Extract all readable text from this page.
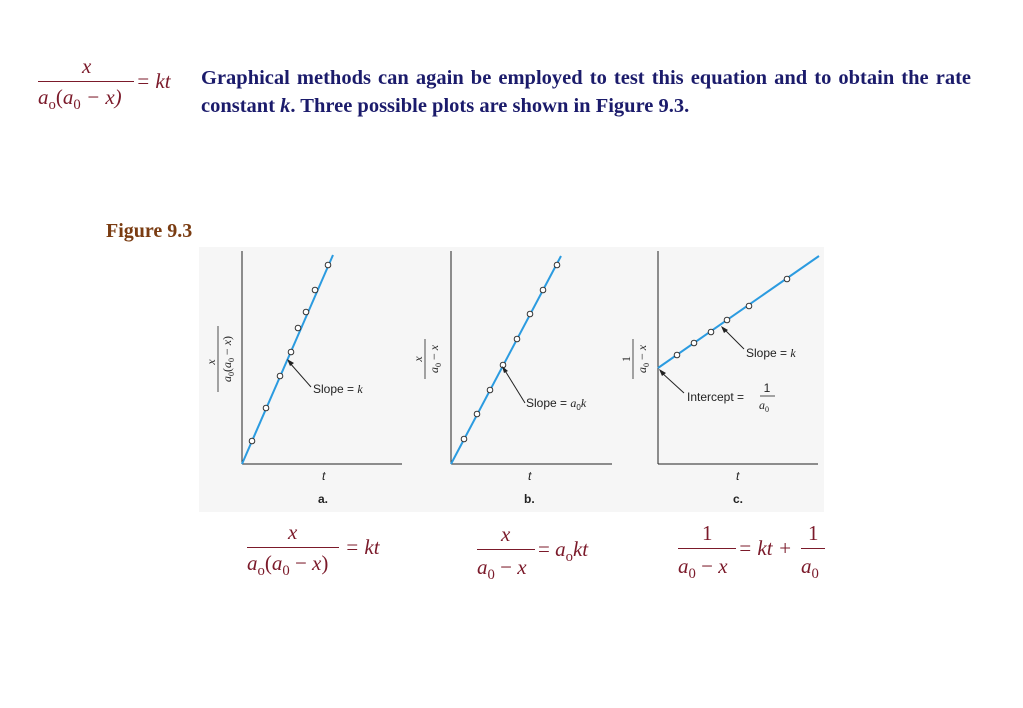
x
$a_o(a_0 - x)$
= kt Graphical methods can again be employed to test this equation and to obtain the rate constant k. Three possible plots are shown in Figure 9.3.
Figure 9.3
Slope = k
t
a.
x
$a_0(a_0 - x)$
Slope = $a_0k$
t
b.
x
$a_0 - x$	Slope = k
Intercept =
1
$a_0$
t
c.
1
$a_0 - x$
x
$a_o(a_0 - x)$
= kt
x
$a_0 - x$
= $a_okt$
1
$a_0 - x$
= kt +
1
$a_0$
